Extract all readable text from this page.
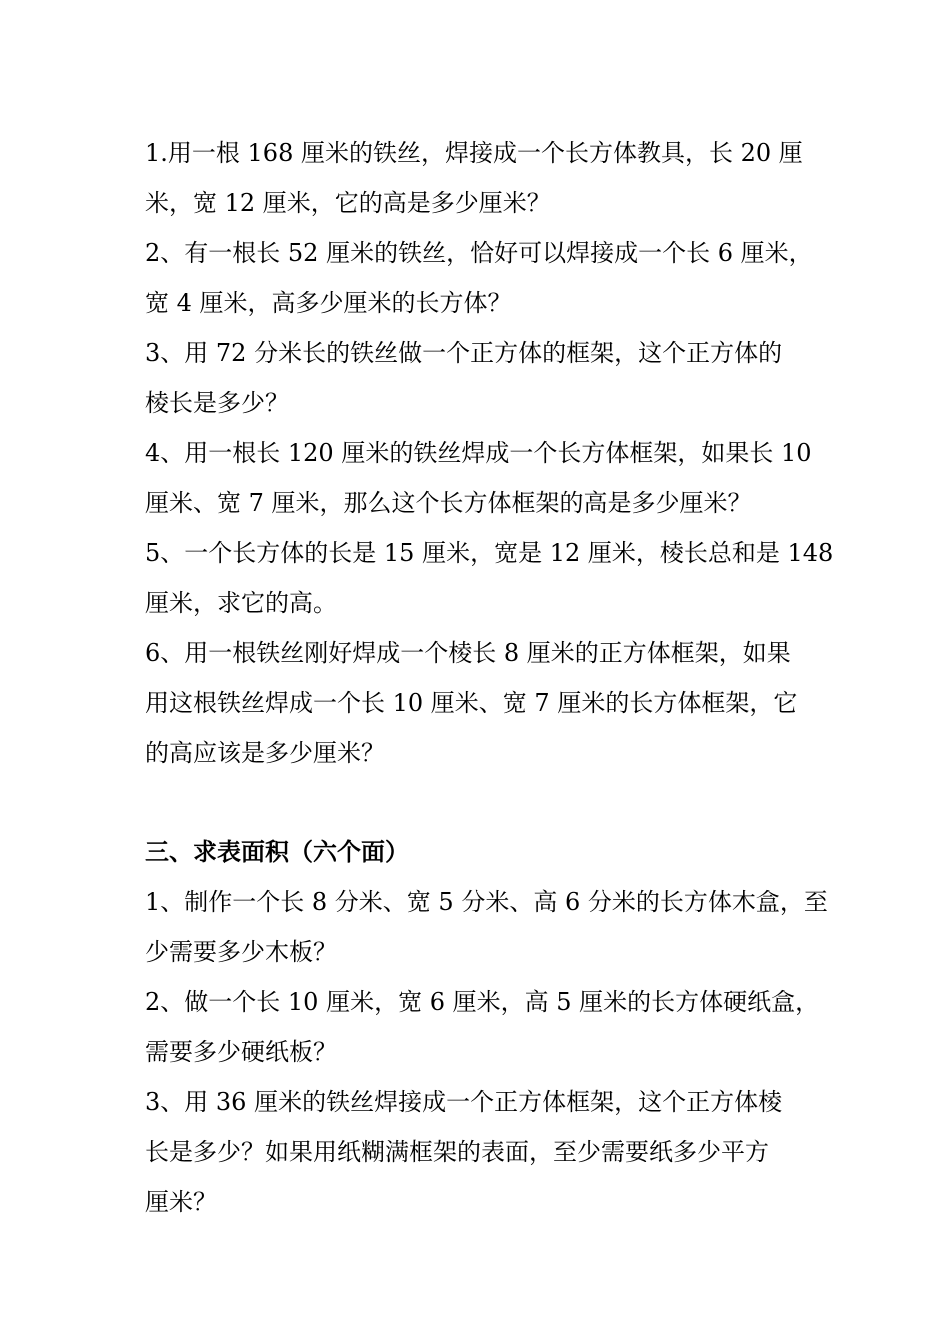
1.用一根 168 厘米的铁丝，焊接成一个长方体教具，长 20 厘
米，宽 12 厘米，它的高是多少厘米？
2、有一根长 52 厘米的铁丝，恰好可以焊接成一个长 6 厘米，
宽 4 厘米，高多少厘米的长方体？
3、用 72 分米长的铁丝做一个正方体的框架，这个正方体的
棱长是多少？
4、用一根长 120 厘米的铁丝焊成一个长方体框架，如果长 10
厘米、宽 7 厘米，那么这个长方体框架的高是多少厘米？
5、一个长方体的长是 15 厘米，宽是 12 厘米，棱长总和是 148
厘米，求它的高。
6、用一根铁丝刚好焊成一个棱长 8 厘米的正方体框架，如果
用这根铁丝焊成一个长 10 厘米、宽 7 厘米的长方体框架，它
的高应该是多少厘米？
三、求表面积（六个面）
1、制作一个长 8 分米、宽 5 分米、高 6 分米的长方体木盒，至
少需要多少木板？
2、做一个长 10 厘米，宽 6 厘米，高 5 厘米的长方体硬纸盒，
需要多少硬纸板？
3、用 36 厘米的铁丝焊接成一个正方体框架，这个正方体棱
长是多少？如果用纸糊满框架的表面，至少需要纸多少平方
厘米？
